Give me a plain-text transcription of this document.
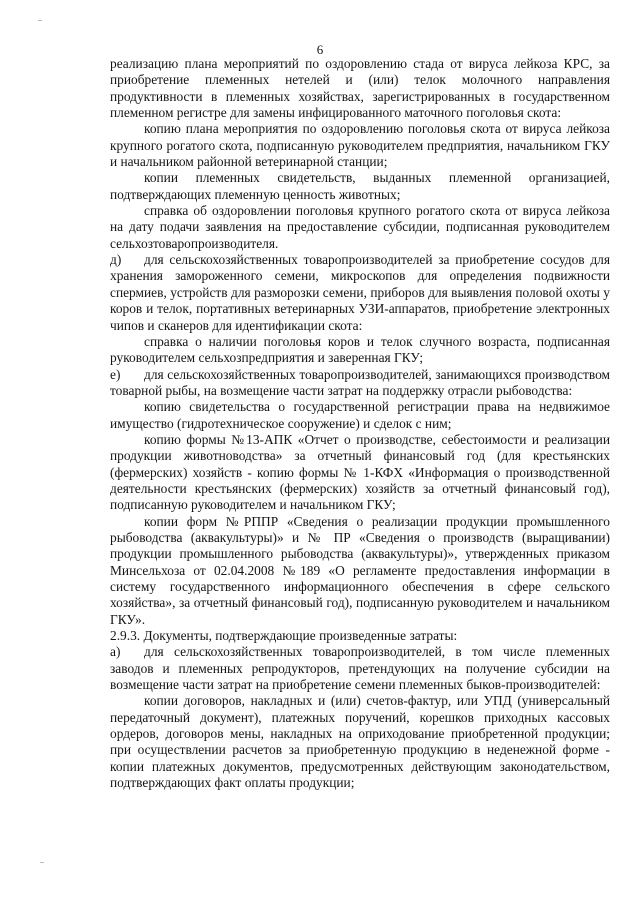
6

реализацию плана мероприятий по оздоровлению стада от вируса лейкоза КРС, за приобретение племенных нетелей и (или) телок молочного направления продуктивности в племенных хозяйствах, зарегистрированных в государственном племенном регистре для замены инфицированного маточного поголовья скота:

копию плана мероприятия по оздоровлению поголовья скота от вируса лейкоза крупного рогатого скота, подписанную руководителем предприятия, начальником ГКУ и начальником районной ветеринарной станции;

копии племенных свидетельств, выданных племенной организацией, подтверждающих племенную ценность животных;

справка об оздоровлении поголовья крупного рогатого скота от вируса лейкоза на дату подачи заявления на предоставление субсидии, подписанная руководителем сельхозтоваропроизводителя.

д) для сельскохозяйственных товаропроизводителей за приобретение сосудов для хранения замороженного семени, микроскопов для определения подвижности спермиев, устройств для разморозки семени, приборов для выявления половой охоты у коров и телок, портативных ветеринарных УЗИ-аппаратов, приобретение электронных чипов и сканеров для идентификации скота:

справка о наличии поголовья коров и телок случного возраста, подписанная руководителем сельхозпредприятия и заверенная ГКУ;

е) для сельскохозяйственных товаропроизводителей, занимающихся производством товарной рыбы, на возмещение части затрат на поддержку отрасли рыбоводства:

копию свидетельства о государственной регистрации права на недвижимое имущество (гидротехническое сооружение) и сделок с ним;

копию формы №13-АПК «Отчет о производстве, себестоимости и реализации продукции животноводства» за отчетный финансовый год (для крестьянских (фермерских) хозяйств - копию формы № 1-КФХ «Информация о производственной деятельности крестьянских (фермерских) хозяйств за отчетный финансовый год), подписанную руководителем и начальником ГКУ;

копии форм №РППР «Сведения о реализации продукции промышленного рыбоводства (аквакультуры)» и № ПР «Сведения о производств (выращивании) продукции промышленного рыбоводства (аквакультуры)», утвержденных приказом Минсельхоза от 02.04.2008 №189 «О регламенте предоставления информации в систему государственного информационного обеспечения в сфере сельского хозяйства», за отчетный финансовый год), подписанную руководителем и начальником ГКУ».

2.9.3. Документы, подтверждающие произведенные затраты:

а) для сельскохозяйственных товаропроизводителей, в том числе племенных заводов и племенных репродукторов, претендующих на получение субсидии на возмещение части затрат на приобретение семени племенных быков-производителей:

копии договоров, накладных и (или) счетов-фактур, или УПД (универсальный передаточный документ), платежных поручений, корешков приходных кассовых ордеров, договоров мены, накладных на оприходование приобретенной продукции; при осуществлении расчетов за приобретенную продукцию в неденежной форме - копии платежных документов, предусмотренных действующим законодательством, подтверждающих факт оплаты продукции;
